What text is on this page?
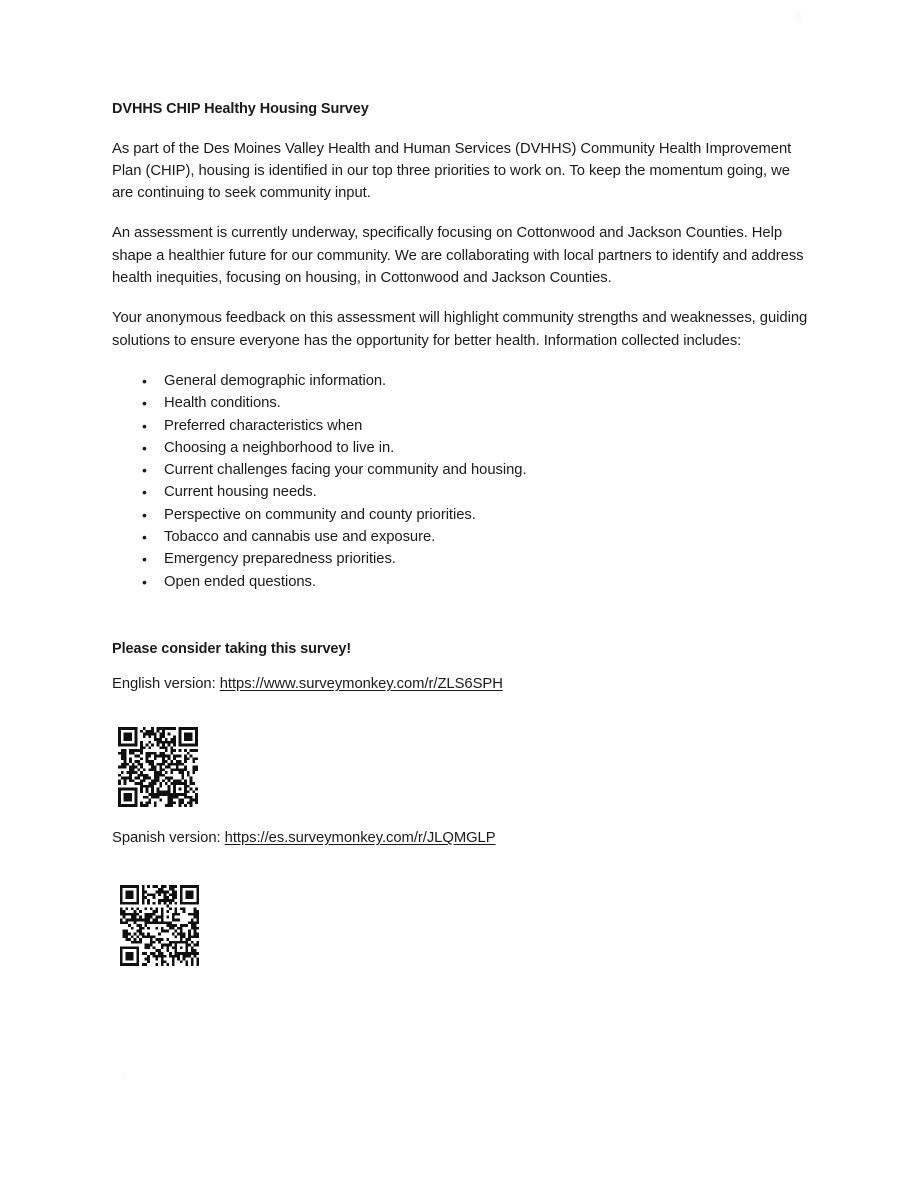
DVHHS CHIP Healthy Housing Survey

As part of the Des Moines Valley Health and Human Services (DVHHS) Community Health Improvement Plan (CHIP), housing is identified in our top three priorities to work on. To keep the momentum going, we are continuing to seek community input.

An assessment is currently underway, specifically focusing on Cottonwood and Jackson Counties. Help shape a healthier future for our community. We are collaborating with local partners to identify and address health inequities, focusing on housing, in Cottonwood and Jackson Counties.

Your anonymous feedback on this assessment will highlight community strengths and weaknesses, guiding solutions to ensure everyone has the opportunity for better health. Information collected includes:

• General demographic information.
• Health conditions.
• Preferred characteristics when
• Choosing a neighborhood to live in.
• Current challenges facing your community and housing.
• Current housing needs.
• Perspective on community and county priorities.
• Tobacco and cannabis use and exposure.
• Emergency preparedness priorities.
• Open ended questions.
Please consider taking this survey!
English version: https://www.surveymonkey.com/r/ZLS6SPH
Spanish version: https://es.surveymonkey.com/r/JLQMGLP
